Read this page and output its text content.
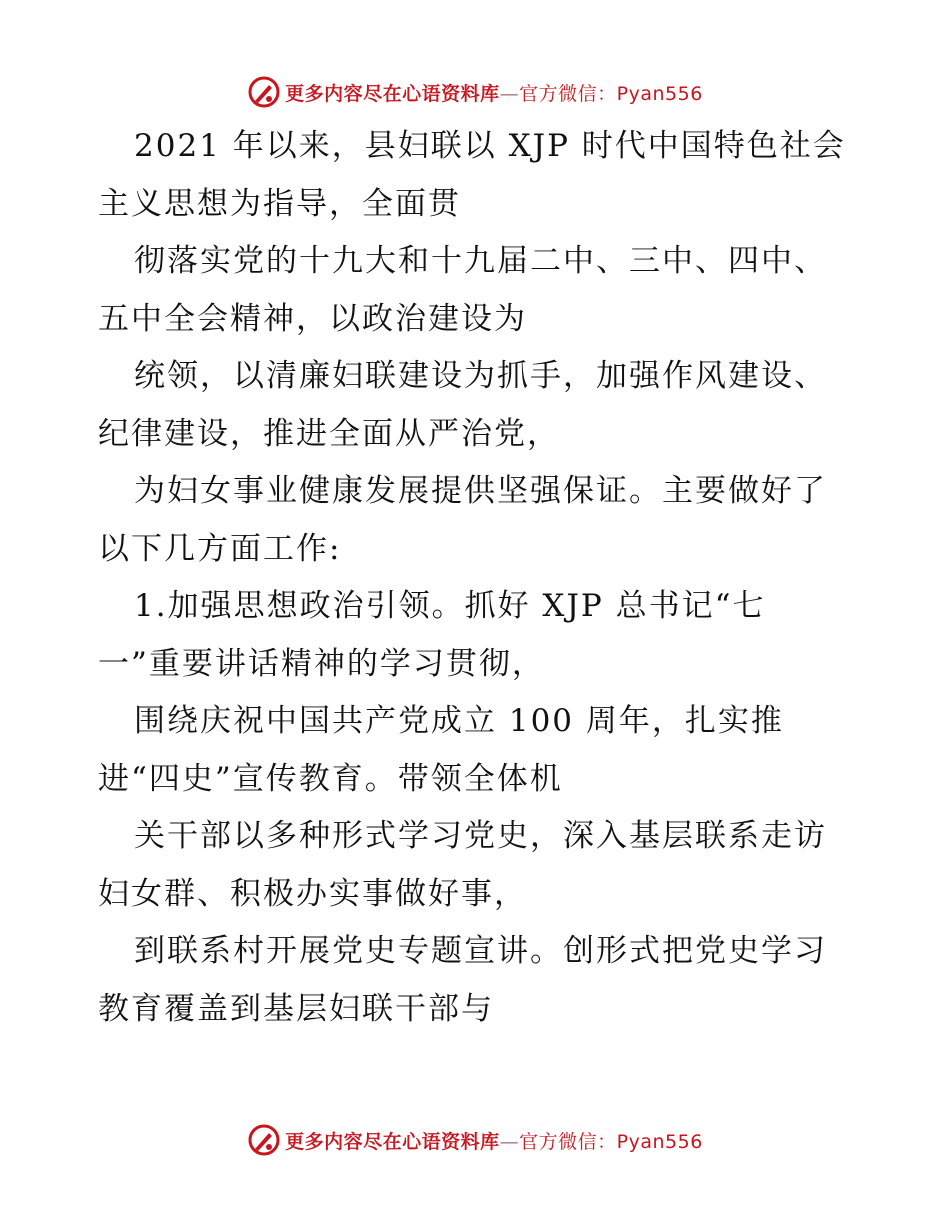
更多内容尽在心语资料库—官方微信：Pyan556
2021 年以来，县妇联以 XJP 时代中国特色社会
主义思想为指导，全面贯
彻落实党的十九大和十九届二中、三中、四中、
五中全会精神，以政治建设为
统领，以清廉妇联建设为抓手，加强作风建设、
纪律建设，推进全面从严治党，
为妇女事业健康发展提供坚强保证。主要做好了
以下几方面工作:
1.加强思想政治引领。抓好 XJP 总书记“七
一”重要讲话精神的学习贯彻，
围绕庆祝中国共产党成立 100 周年，扎实推
进“四史”宣传教育。带领全体机
关干部以多种形式学习党史，深入基层联系走访
妇女群、积极办实事做好事，
到联系村开展党史专题宣讲。创形式把党史学习
教育覆盖到基层妇联干部与
更多内容尽在心语资料库—官方微信：Pyan556
